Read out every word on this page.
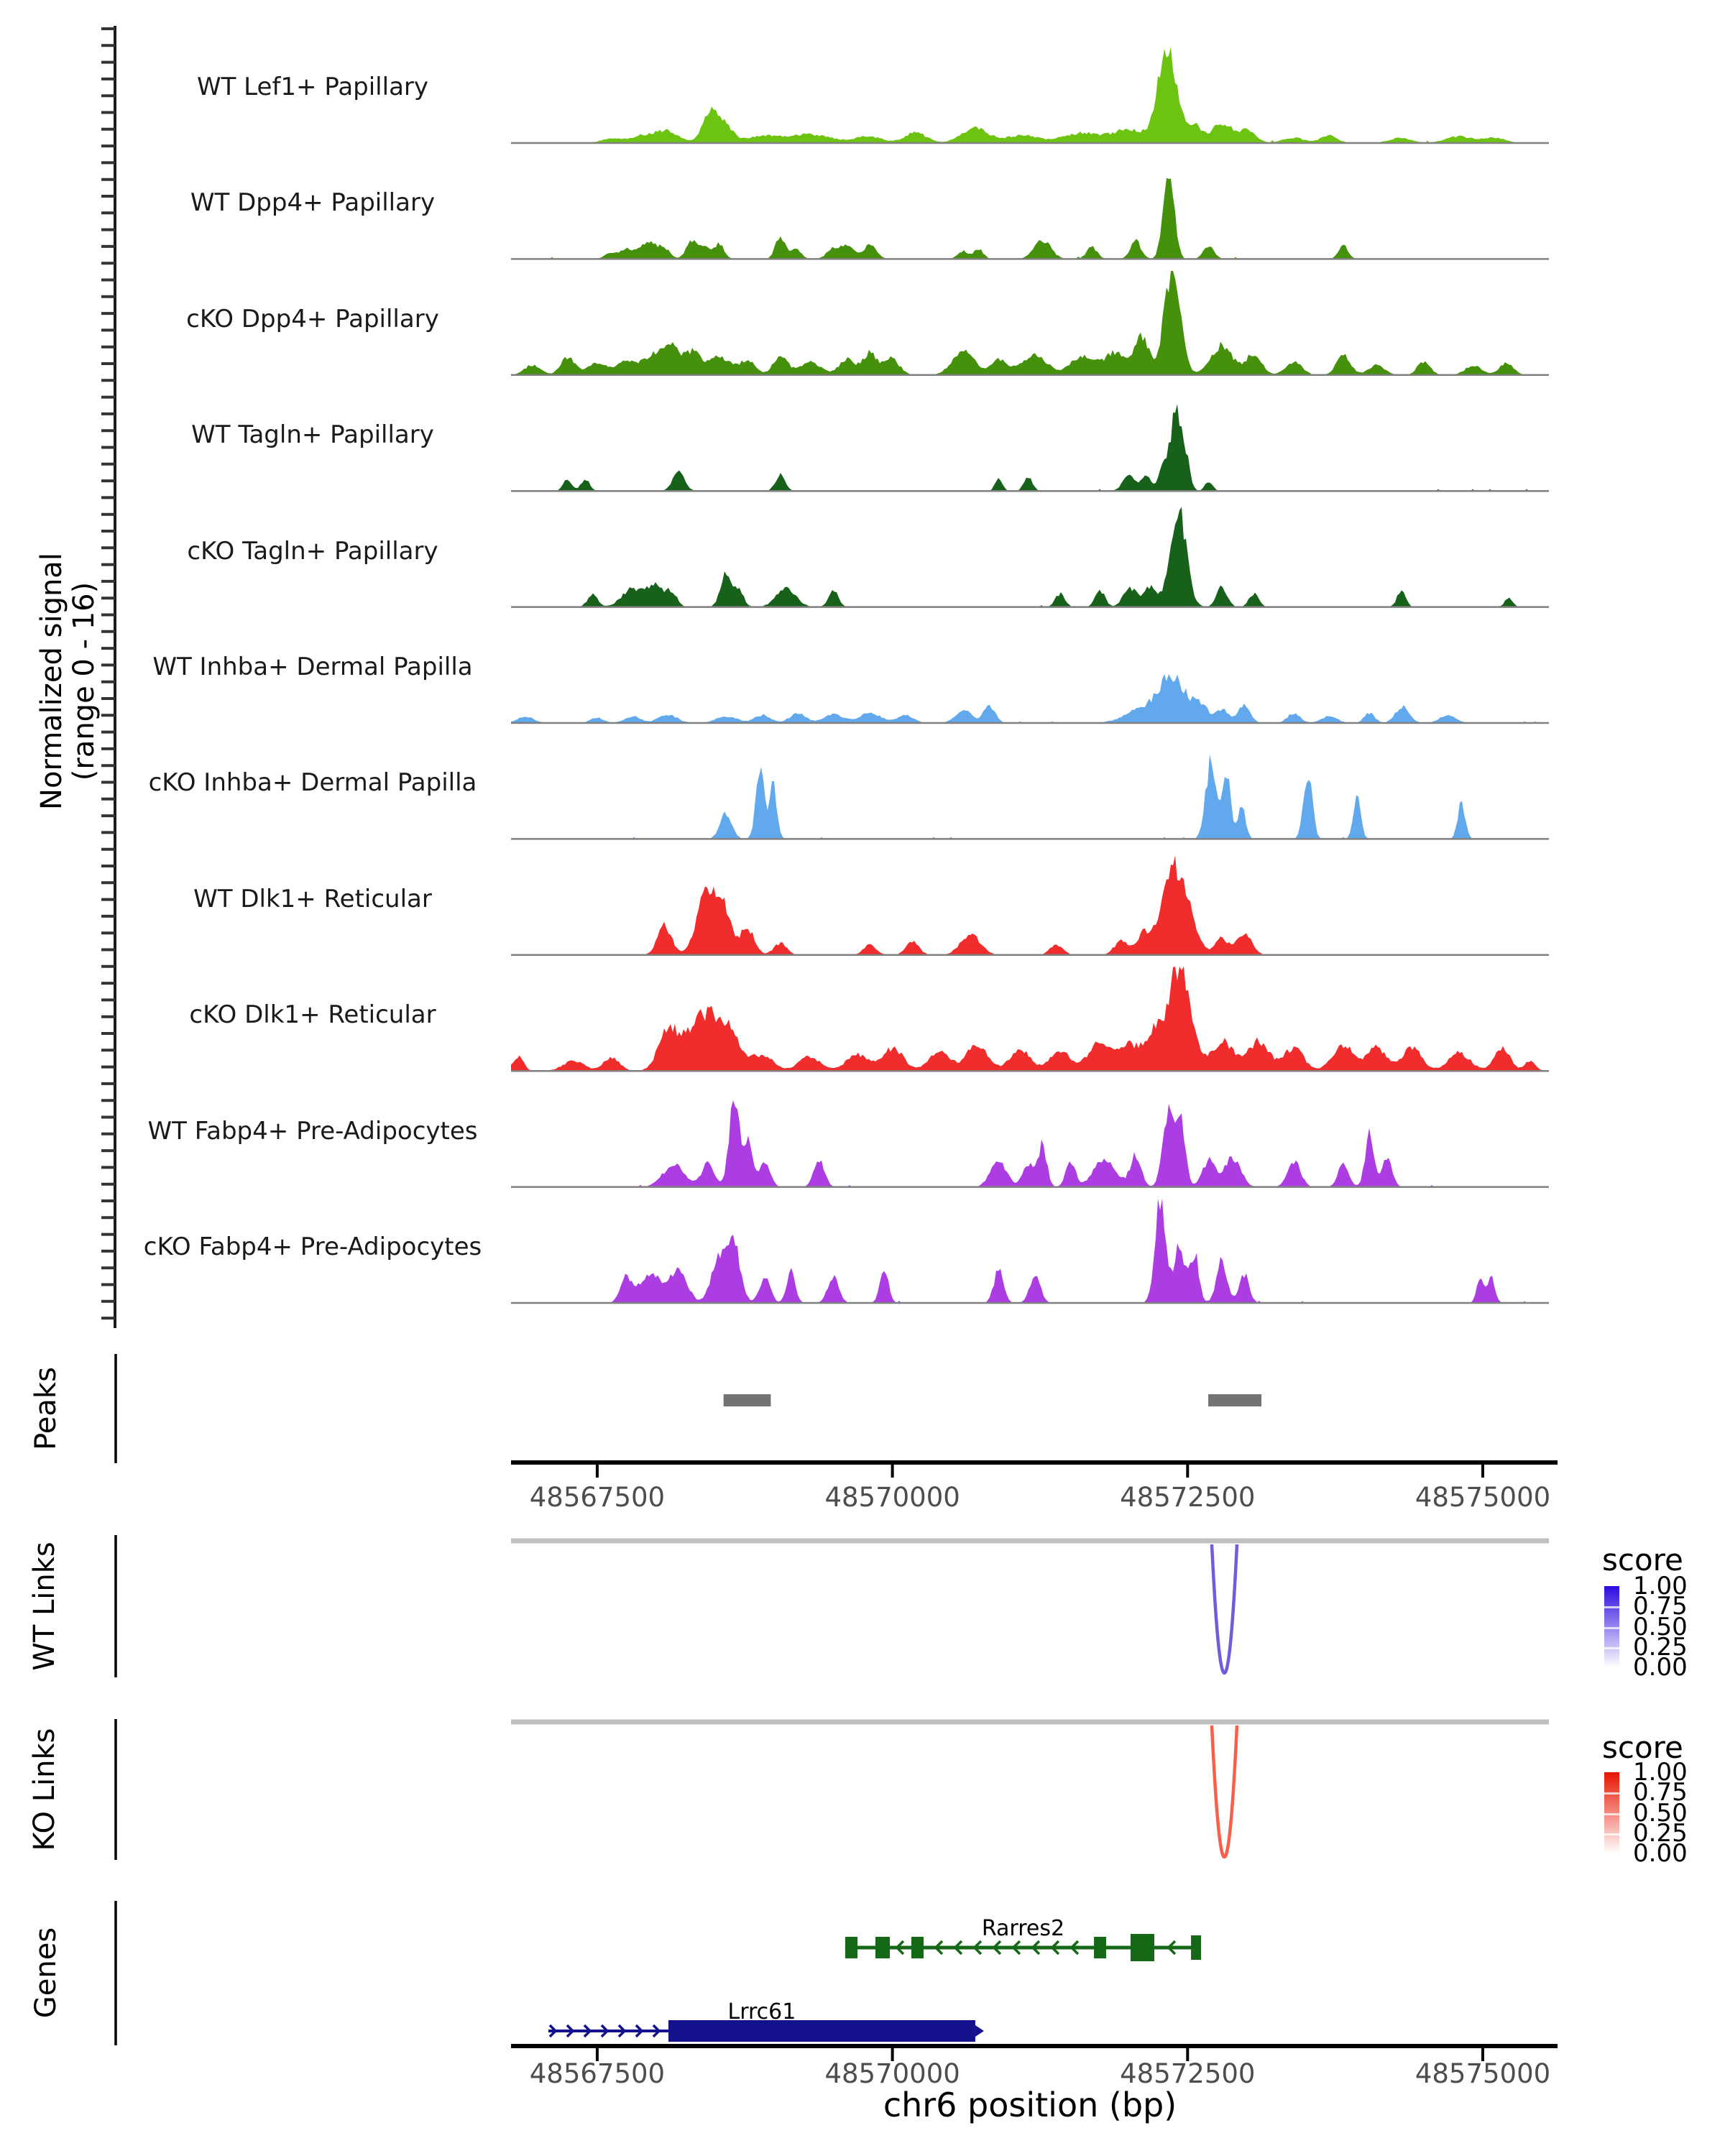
Normalized signal (range 0 - 16)
Peaks
WT Links
KO Links
Genes
score
score
chr6 position (bp)
WT Lef1+ Papillary
WT Dpp4+ Papillary
cKO Dpp4+ Papillary
WT Tagln+ Papillary
cKO Tagln+ Papillary
WT Inhba+ Dermal Papilla
cKO Inhba+ Dermal Papilla
WT Dlk1+ Reticular
cKO Dlk1+ Reticular
WT Fabp4+ Pre-Adipocytes
cKO Fabp4+ Pre-Adipocytes
48567500	48570000	48572500	48575000
48567500	48570000	48572500	48575000
1.00
0.75
0.50
0.25
0.00
1.00
0.75
0.50
0.25
0.00
Rarres2
Lrrc61
